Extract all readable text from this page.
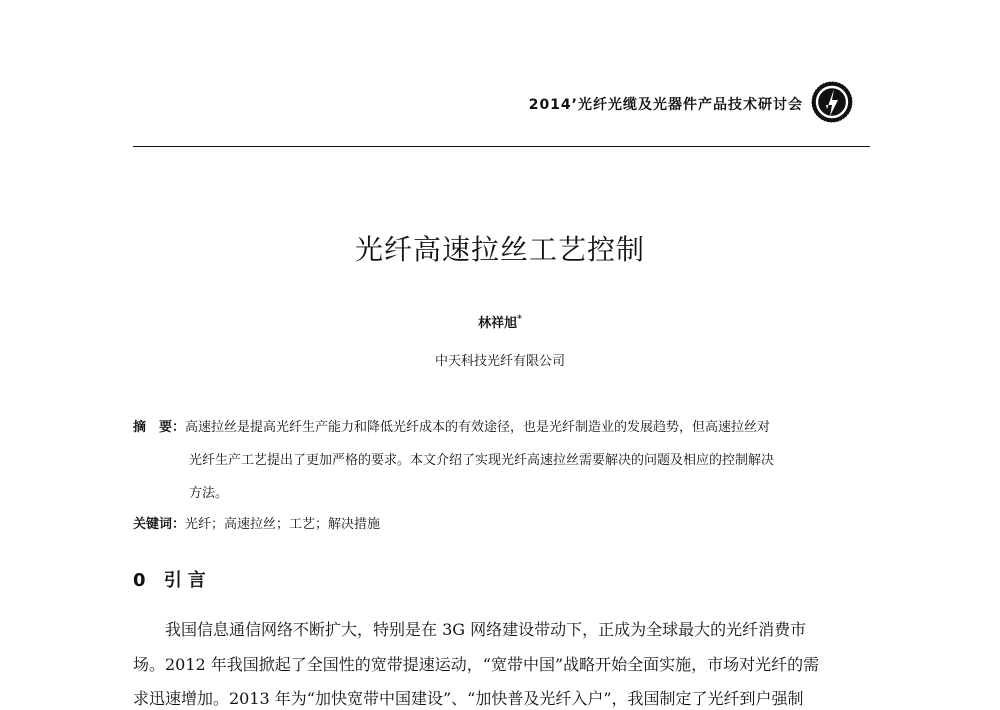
2014’光纤光缆及光器件产品技术研讨会
光纤高速拉丝工艺控制
林祥旭*
中天科技光纤有限公司
摘　要：高速拉丝是提高光纤生产能力和降低光纤成本的有效途径，也是光纤制造业的发展趋势，但高速拉丝对
光纤生产工艺提出了更加严格的要求。本文介绍了实现光纤高速拉丝需要解决的问题及相应的控制解决
方法。
关键词：光纤；高速拉丝；工艺；解决措施
0 引言
我国信息通信网络不断扩大，特别是在 3G 网络建设带动下，正成为全球最大的光纤消费市
场。2012 年我国掀起了全国性的宽带提速运动，“宽带中国”战略开始全面实施，市场对光纤的需
求迅速增加。2013 年为“加快宽带中国建设”、“加快普及光纤入户”，我国制定了光纤到户强制
